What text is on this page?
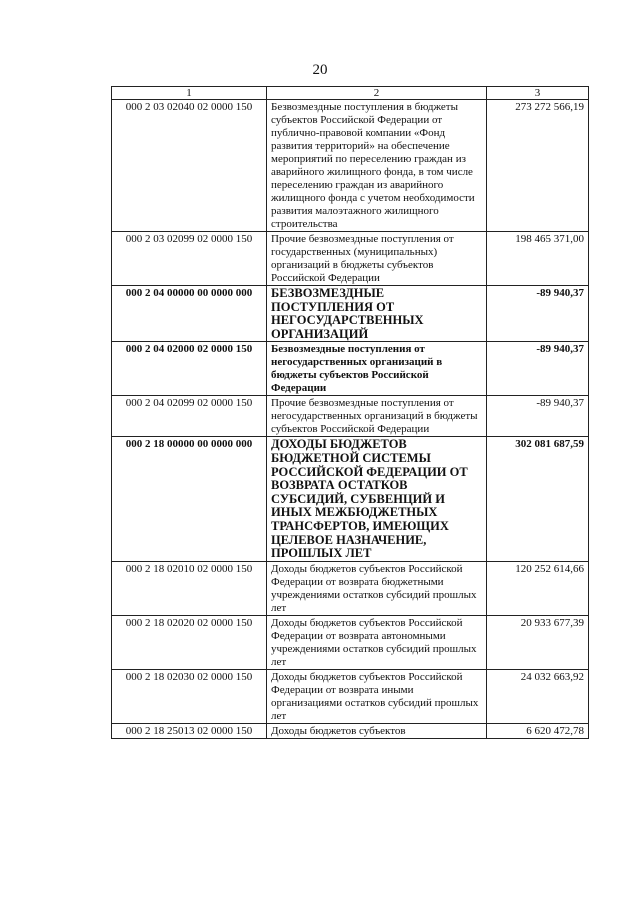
20
1	2	3
000 2 03 02040 02 0000 150	Безвозмездные поступления в бюджеты субъектов Российской Федерации от публично-правовой компании «Фонд развития территорий» на обеспечение мероприятий по переселению граждан из аварийного жилищного фонда, в том числе переселению граждан из аварийного жилищного фонда с учетом необходимости развития малоэтажного жилищного строительства	273 272 566,19
000 2 03 02099 02 0000 150	Прочие безвозмездные поступления от государственных (муниципальных) организаций в бюджеты субъектов Российской Федерации	198 465 371,00
000 2 04 00000 00 0000 000	БЕЗВОЗМЕЗДНЫЕ ПОСТУПЛЕНИЯ ОТ НЕГОСУДАРСТВЕННЫХ ОРГАНИЗАЦИЙ	-89 940,37
000 2 04 02000 02 0000 150	Безвозмездные поступления от негосударственных организаций в бюджеты субъектов Российской Федерации	-89 940,37
000 2 04 02099 02 0000 150	Прочие безвозмездные поступления от негосударственных организаций в бюджеты субъектов Российской Федерации	-89 940,37
000 2 18 00000 00 0000 000	ДОХОДЫ БЮДЖЕТОВ БЮДЖЕТНОЙ СИСТЕМЫ РОССИЙСКОЙ ФЕДЕРАЦИИ ОТ ВОЗВРАТА ОСТАТКОВ СУБСИДИЙ, СУБВЕНЦИЙ И ИНЫХ МЕЖБЮДЖЕТНЫХ ТРАНСФЕРТОВ, ИМЕЮЩИХ ЦЕЛЕВОЕ НАЗНАЧЕНИЕ, ПРОШЛЫХ ЛЕТ	302 081 687,59
000 2 18 02010 02 0000 150	Доходы бюджетов субъектов Российской Федерации от возврата бюджетными учреждениями остатков субсидий прошлых лет	120 252 614,66
000 2 18 02020 02 0000 150	Доходы бюджетов субъектов Российской Федерации от возврата автономными учреждениями остатков субсидий прошлых лет	20 933 677,39
000 2 18 02030 02 0000 150	Доходы бюджетов субъектов Российской Федерации от возврата иными организациями остатков субсидий прошлых лет	24 032 663,92
000 2 18 25013 02 0000 150	Доходы бюджетов субъектов	6 620 472,78
